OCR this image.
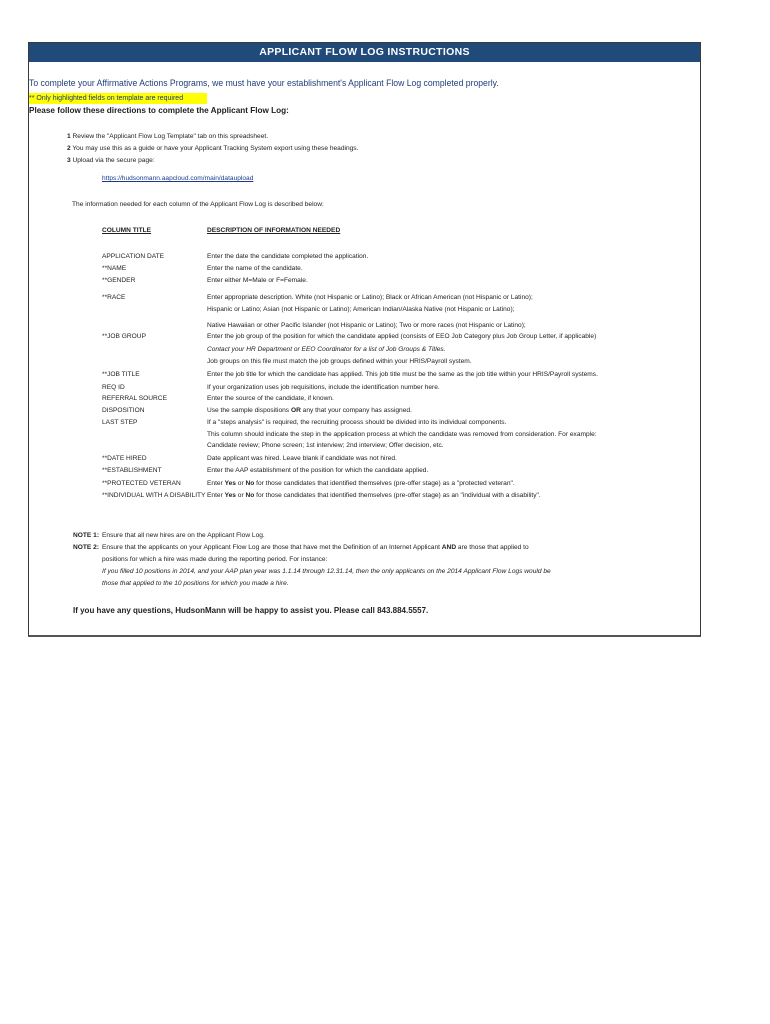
APPLICANT FLOW LOG INSTRUCTIONS
To complete your Affirmative Actions Programs, we must have your establishment's Applicant Flow Log completed properly.
** Only highlighted fields on template are required
Please follow these directions to complete the Applicant Flow Log:
1 Review the "Applicant Flow Log Template" tab on this spreadsheet.
2 You may use this as a guide or have your Applicant Tracking System export using these headings.
3 Upload via the secure page:
https://hudsonmann.aapcloud.com/main/dataupload
The information needed for each column of the Applicant Flow Log is described below:
COLUMN TITLE	DESCRIPTION OF INFORMATION NEEDED
APPLICATION DATE
**NAME
**GENDER
**RACE
**JOB GROUP
**JOB TITLE
REQ ID
REFERRAL SOURCE
DISPOSITION
LAST STEP
**DATE HIRED
**ESTABLISHMENT
**PROTECTED VETERAN
**INDIVIDUAL WITH A DISABILITY
Enter the date the candidate completed the application.
Enter the name of the candidate.
Enter either M=Male or F=Female.
Enter appropriate description. White (not Hispanic or Latino); Black or African American (not Hispanic or Latino);
Hispanic or Latino; Asian (not Hispanic or Latino); American Indian/Alaska Native (not Hispanic or Latino);
Native Hawaiian or other Pacific Islander (not Hispanic or Latino); Two or more races (not Hispanic or Latino);
Enter the job group of the position for which the candidate applied (consists of EEO Job Category plus Job Group Letter, if applicable)
Contact your HR Department or EEO Coordinator for a list of Job Groups & Titles.
Job groups on this file must match the job groups defined within your HRIS/Payroll system.
Enter the job title for which the candidate has applied. This job title must be the same as the job title within your HRIS/Payroll systems.
If your organization uses job requisitions, include the identification number here.
Enter the source of the candidate, if known.
Use the sample dispositions OR any that your company has assigned.
If a "steps analysis" is required, the recruiting process should be divided into its individual components.
This column should indicate the step in the application process at which the candidate was removed from consideration. For example:
Candidate review; Phone screen; 1st interview; 2nd interview; Offer decision, etc.
Date applicant was hired. Leave blank if candidate was not hired.
Enter the AAP establishment of the position for which the candidate applied.
Enter Yes or No for those candidates that identified themselves (pre-offer stage) as a "protected veteran".
Enter Yes or No for those candidates that identified themselves (pre-offer stage) as an "individual with a disability".
NOTE 1: Ensure that all new hires are on the Applicant Flow Log.
NOTE 2: Ensure that the applicants on your Applicant Flow Log are those that have met the Definition of an Internet Applicant AND are those that applied to
positions for which a hire was made during the reporting period. For instance:
If you filled 10 positions in 2014, and your AAP plan year was 1.1.14 through 12.31.14, then the only applicants on the 2014 Applicant Flow Logs would be
those that applied to the 10 positions for which you made a hire.
If you have any questions, HudsonMann will be happy to assist you. Please call 843.884.5557.
